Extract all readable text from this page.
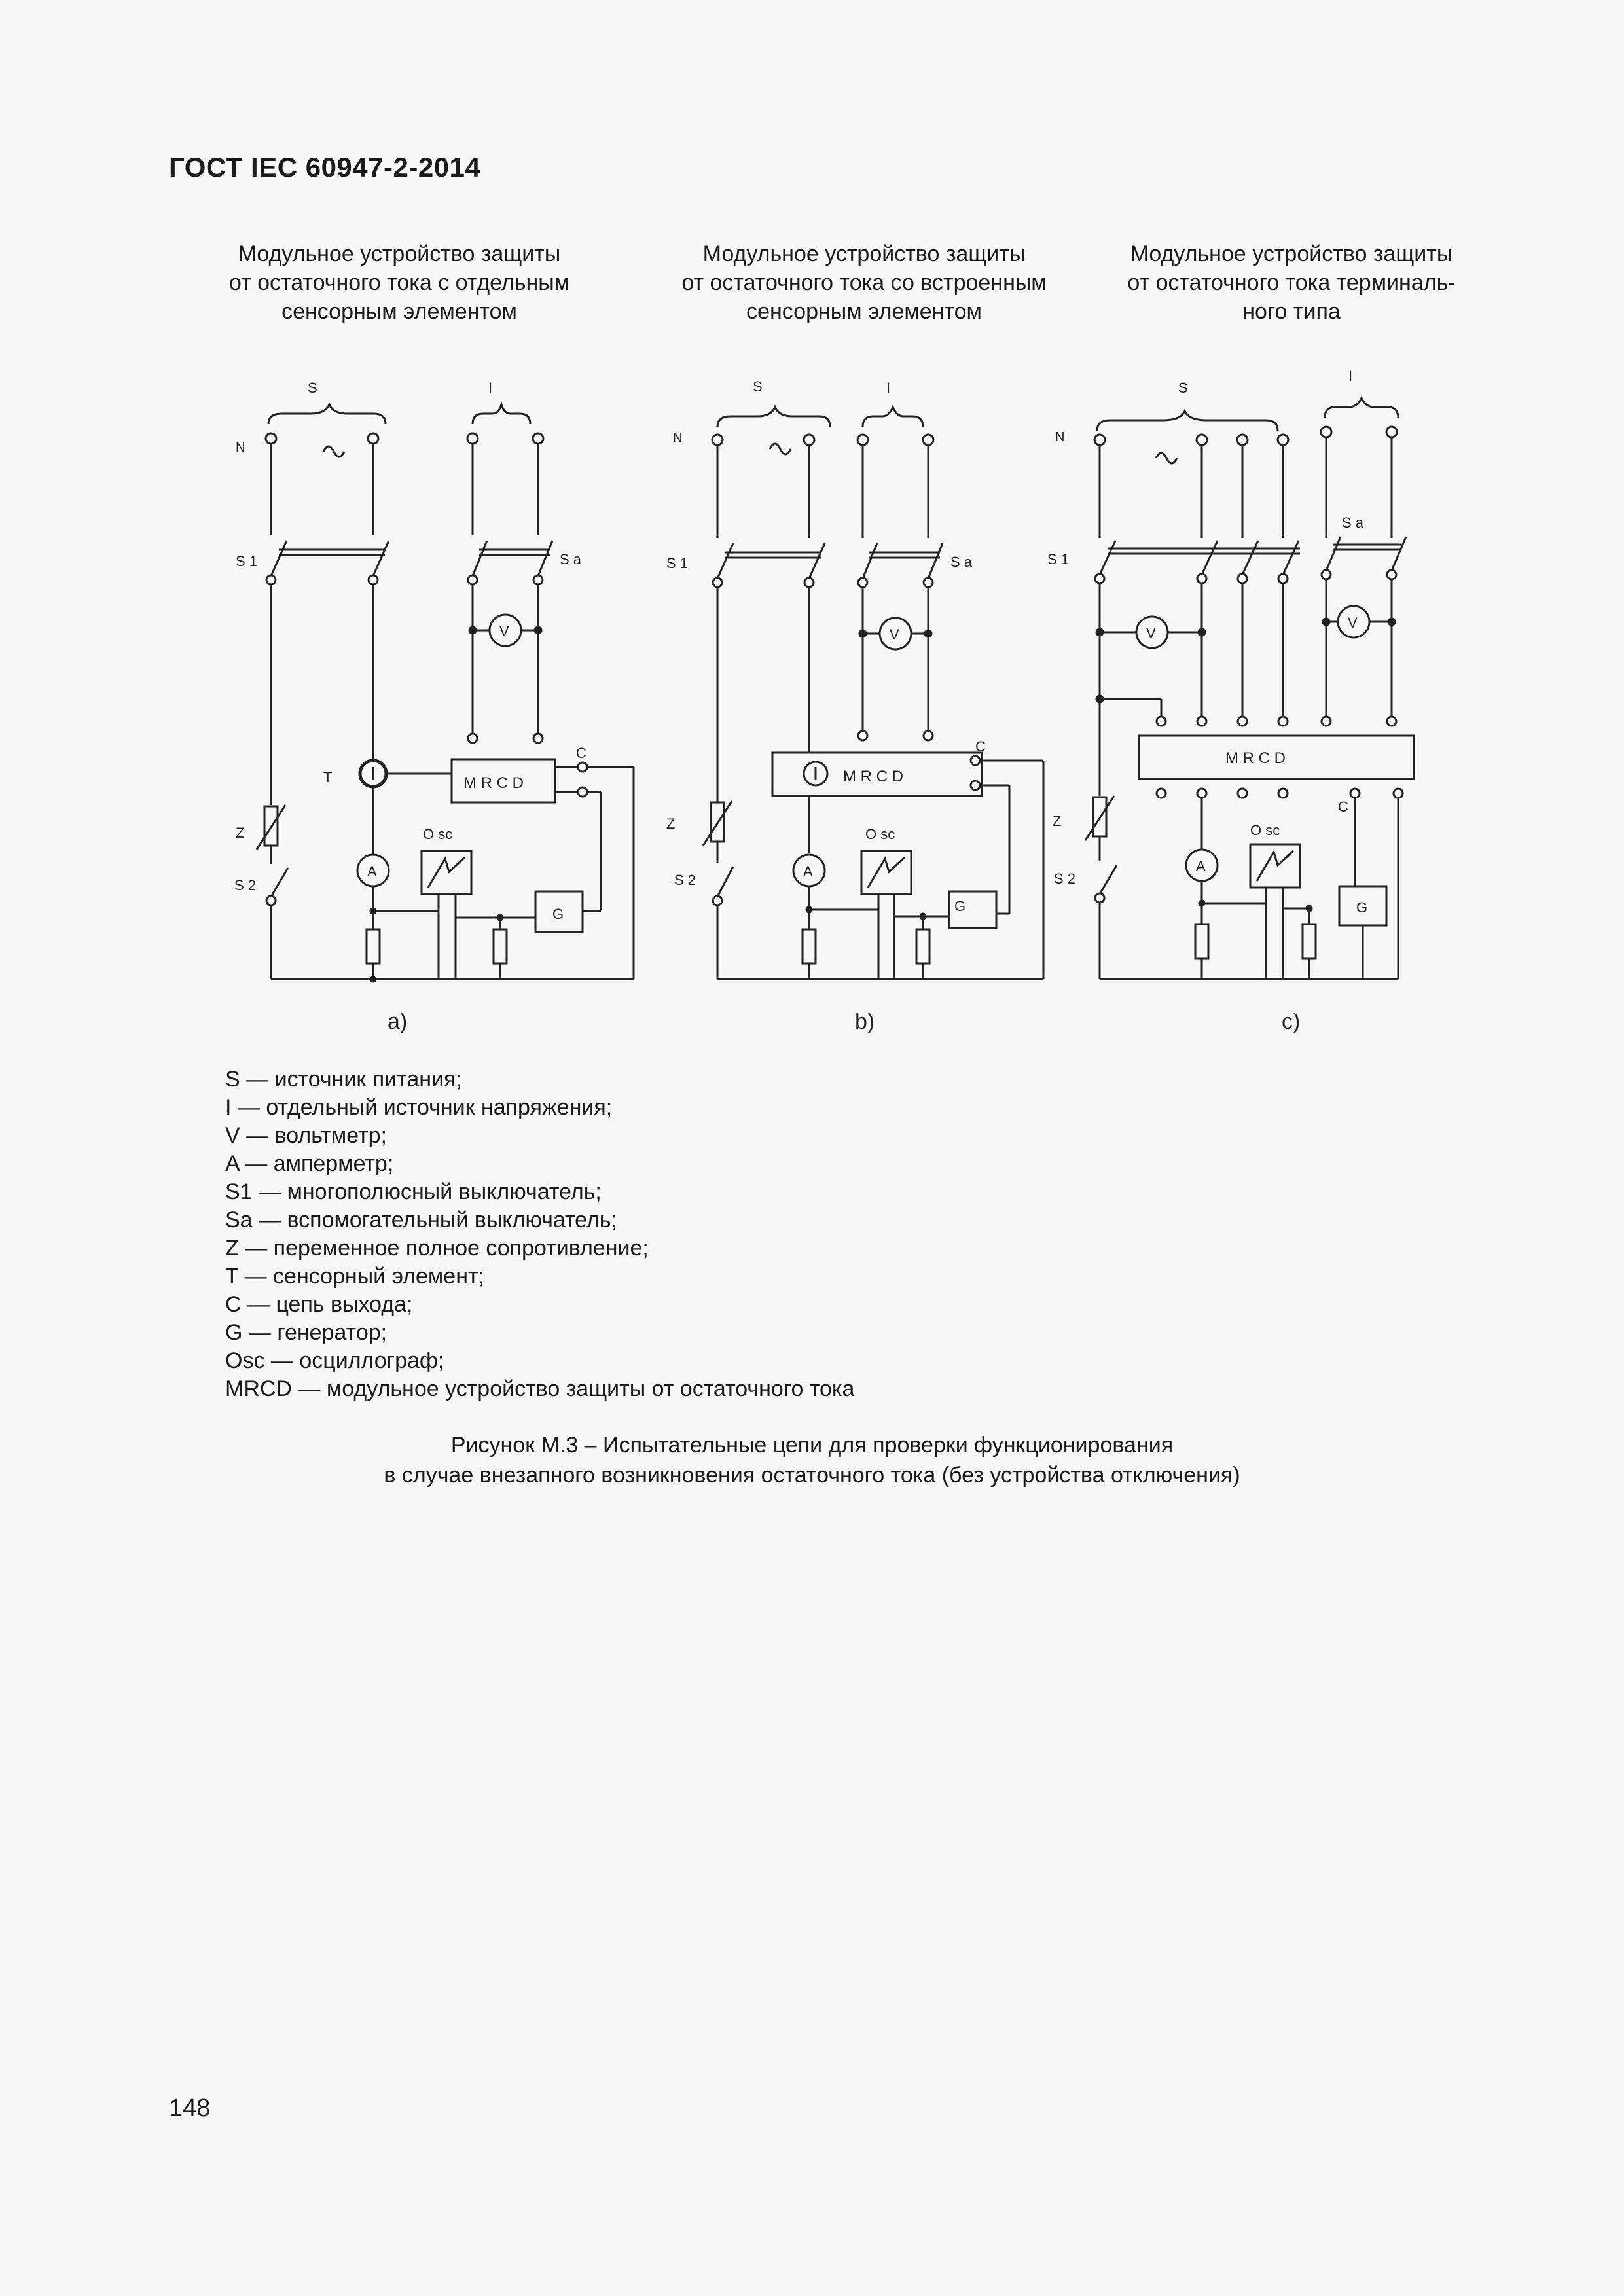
ГОСТ IEC 60947-2-2014
Модульное устройство защиты
от остаточного тока с отдельным
сенсорным элементом
Модульное устройство защиты
от остаточного тока со встроенным
сенсорным элементом
Модульное устройство защиты
от остаточного тока терминаль-
ного типа
S	I
N
S 1	S a
Z
S 2
T
A
V
M R C D
C
O sc
G
a)
S	I
N
S 1	S a
Z
S 2
M R C D
V
C
A
O sc
G
b)
S
I
N
S 1
S a
V
V
M R C D
C
Z
S 2
A
O sc
G
c)
S — источник питания;
I — отдельный источник напряжения;
V — вольтметр;
A — амперметр;
S1 — многополюсный выключатель;
Sa — вспомогательный выключатель;
Z — переменное полное сопротивление;
T — сенсорный элемент;
C — цепь выхода;
G — генератор;
Osc — осциллограф;
MRCD — модульное устройство защиты от остаточного тока
Рисунок М.3 – Испытательные цепи для проверки функционирования
в случае внезапного возникновения остаточного тока (без устройства отключения)
148
